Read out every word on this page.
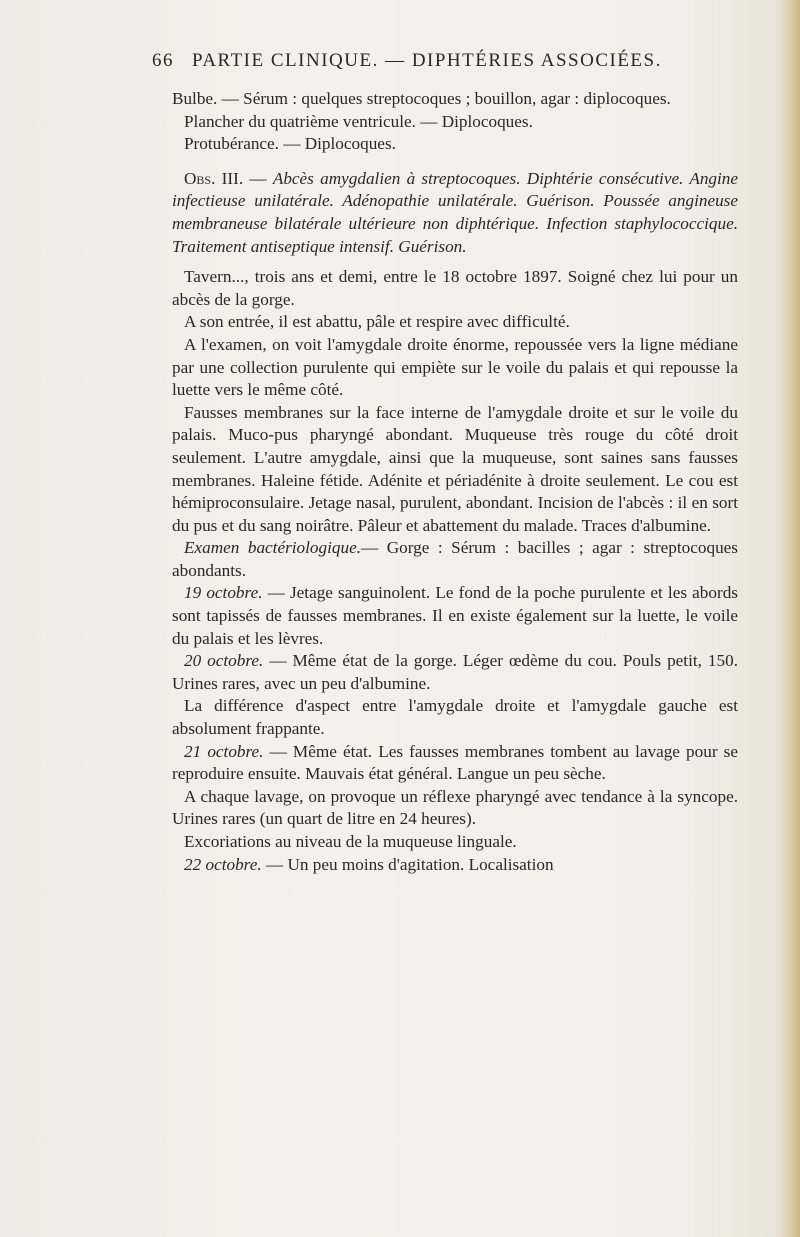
66 PARTIE CLINIQUE. — DIPHTÉRIES ASSOCIÉES.

Bulbe. — Sérum : quelques streptocoques ; bouillon, agar : diplocoques.

Plancher du quatrième ventricule. — Diplocoques.

Protubérance. — Diplocoques.

Obs. III. — Abcès amygdalien à streptocoques. Diphtérie consécutive. Angine infectieuse unilatérale. Adénopathie unilatérale. Guérison. Poussée angineuse membraneuse bilatérale ultérieure non diphtérique. Infection staphylococcique. Traitement antiseptique intensif. Guérison.

Tavern..., trois ans et demi, entre le 18 octobre 1897. Soigné chez lui pour un abcès de la gorge.

A son entrée, il est abattu, pâle et respire avec difficulté.

A l'examen, on voit l'amygdale droite énorme, repoussée vers la ligne médiane par une collection purulente qui empiète sur le voile du palais et qui repousse la luette vers le même côté.

Fausses membranes sur la face interne de l'amygdale droite et sur le voile du palais. Muco-pus pharyngé abondant. Muqueuse très rouge du côté droit seulement. L'autre amygdale, ainsi que la muqueuse, sont saines sans fausses membranes. Haleine fétide. Adénite et périadénite à droite seulement. Le cou est hémiproconsulaire. Jetage nasal, purulent, abondant. Incision de l'abcès : il en sort du pus et du sang noirâtre. Pâleur et abattement du malade. Traces d'albumine.

Examen bactériologique.— Gorge : Sérum : bacilles ; agar : streptocoques abondants.

19 octobre. — Jetage sanguinolent. Le fond de la poche purulente et les abords sont tapissés de fausses membranes. Il en existe également sur la luette, le voile du palais et les lèvres.

20 octobre. — Même état de la gorge. Léger œdème du cou. Pouls petit, 150. Urines rares, avec un peu d'albumine.

La différence d'aspect entre l'amygdale droite et l'amygdale gauche est absolument frappante.

21 octobre. — Même état. Les fausses membranes tombent au lavage pour se reproduire ensuite. Mauvais état général. Langue un peu sèche.

A chaque lavage, on provoque un réflexe pharyngé avec tendance à la syncope. Urines rares (un quart de litre en 24 heures).

Excoriations au niveau de la muqueuse linguale.

22 octobre. — Un peu moins d'agitation. Localisation
